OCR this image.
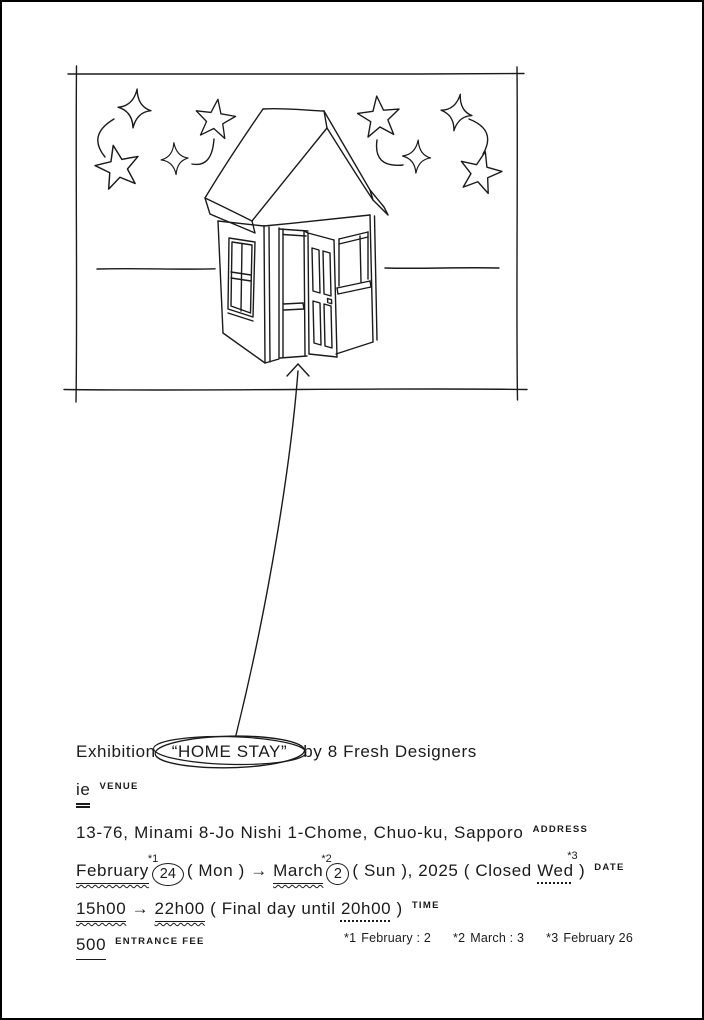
Exhibition “HOME STAY” by 8 Fresh Designers
ie VENUE
13-76, Minami 8-Jo Nishi 1-Chome, Chuo-ku, Sapporo ADDRESS
February 24
*1
( Mon ) → March 2
*2
( Sun ), 2025 ( Closed Wed
*3
) DATE
15h00 → 22h00 ( Final day until 20h00 ) TIME
500 ENTRANCE FEE	*1 February : 2 *2 March : 3 *3 February 26
